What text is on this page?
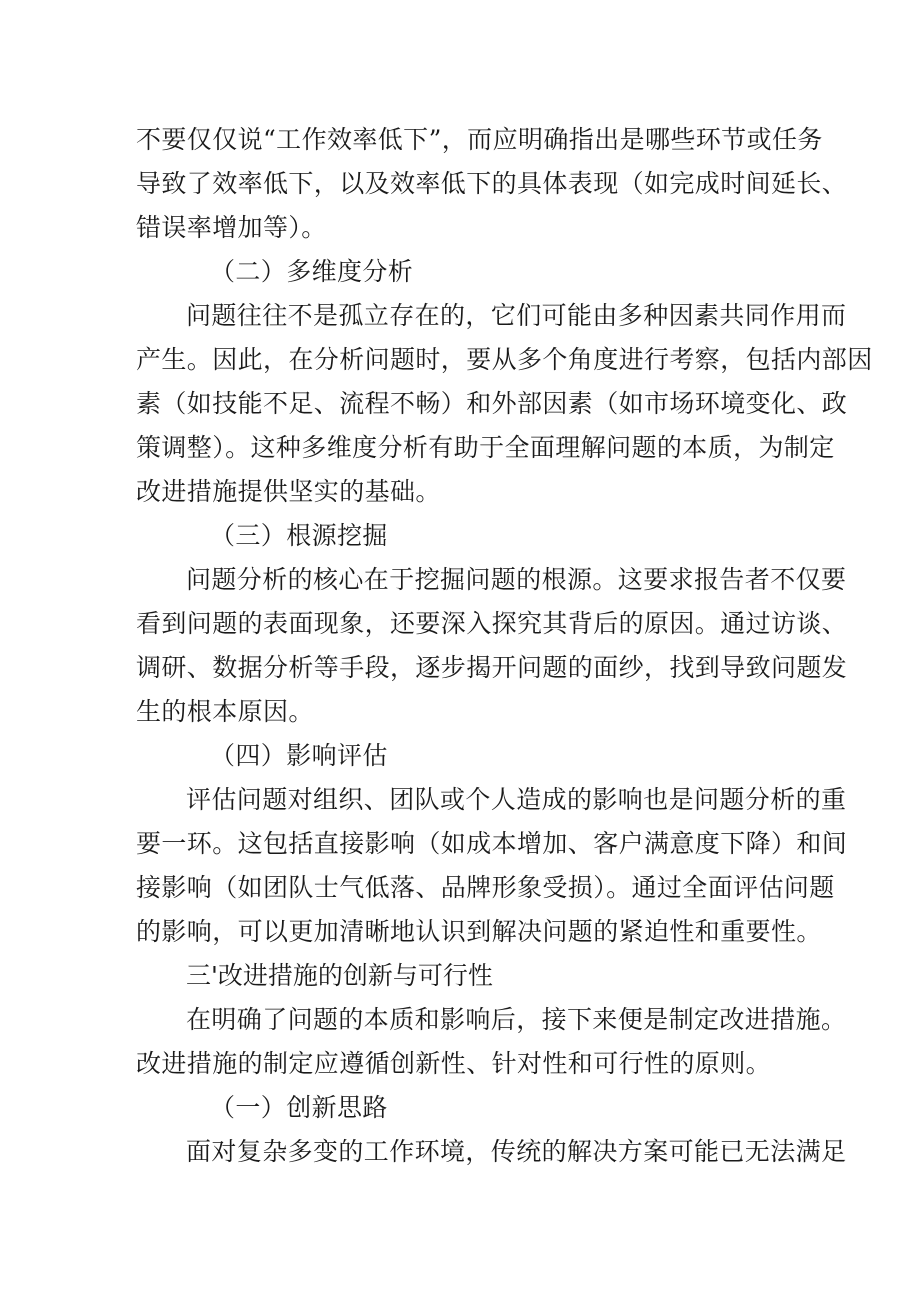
不要仅仅说“工作效率低下”，而应明确指出是哪些环节或任务
导致了效率低下，以及效率低下的具体表现（如完成时间延长、
错误率增加等）。
（二）多维度分析
问题往往不是孤立存在的，它们可能由多种因素共同作用而
产生。因此，在分析问题时，要从多个角度进行考察，包括内部因
素（如技能不足、流程不畅）和外部因素（如市场环境变化、政
策调整）。这种多维度分析有助于全面理解问题的本质，为制定
改进措施提供坚实的基础。
（三）根源挖掘
问题分析的核心在于挖掘问题的根源。这要求报告者不仅要
看到问题的表面现象，还要深入探究其背后的原因。通过访谈、
调研、数据分析等手段，逐步揭开问题的面纱，找到导致问题发
生的根本原因。
（四）影响评估
评估问题对组织、团队或个人造成的影响也是问题分析的重
要一环。这包括直接影响（如成本增加、客户满意度下降）和间
接影响（如团队士气低落、品牌形象受损）。通过全面评估问题
的影响，可以更加清晰地认识到解决问题的紧迫性和重要性。
三'改进措施的创新与可行性
在明确了问题的本质和影响后，接下来便是制定改进措施。
改进措施的制定应遵循创新性、针对性和可行性的原则。
（一）创新思路
面对复杂多变的工作环境，传统的解决方案可能已无法满足
